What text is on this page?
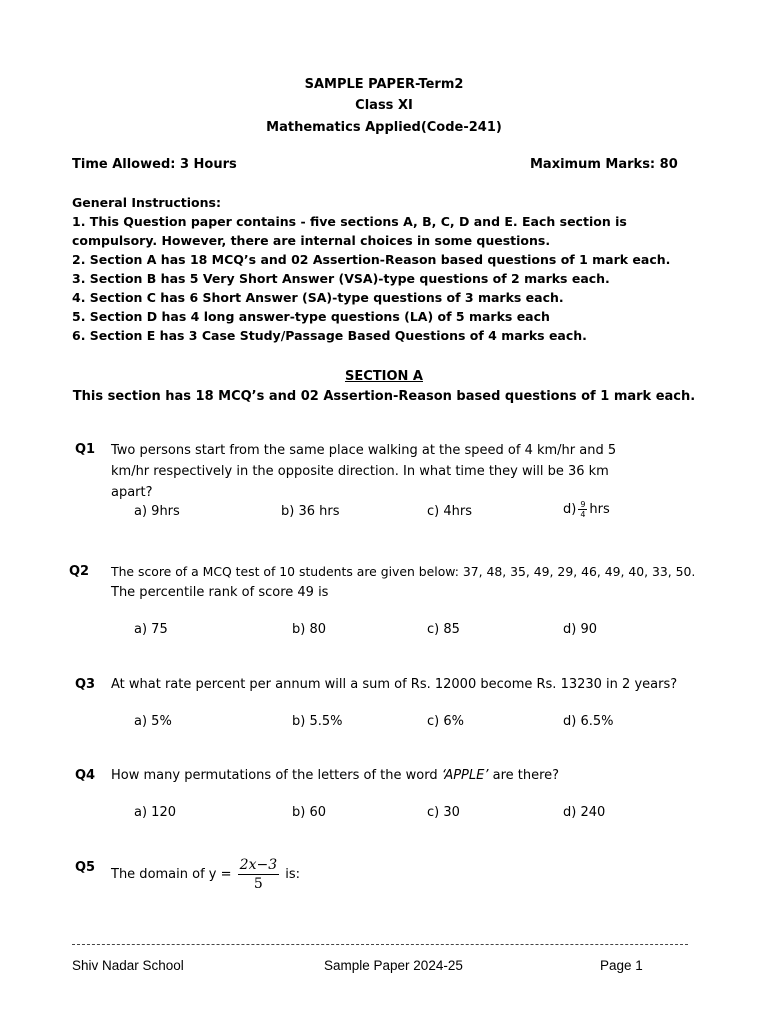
SAMPLE PAPER-Term2
Class XI
Mathematics Applied(Code-241)
Time Allowed: 3 Hours	Maximum Marks: 80
General Instructions:
1. This Question paper contains - five sections A, B, C, D and E. Each section is
compulsory. However, there are internal choices in some questions.
2. Section A has 18 MCQ’s and 02 Assertion-Reason based questions of 1 mark each.
3. Section B has 5 Very Short Answer (VSA)-type questions of 2 marks each.
4. Section C has 6 Short Answer (SA)-type questions of 3 marks each.
5. Section D has 4 long answer-type questions (LA) of 5 marks each
6. Section E has 3 Case Study/Passage Based Questions of 4 marks each.
SECTION A
This section has 18 MCQ’s and 02 Assertion-Reason based questions of 1 mark each.
Q1 Two persons start from the same place walking at the speed of 4 km/hr and 5 km/hr respectively in the opposite direction. In what time they will be 36 km apart?
a) 9hrs	b) 36 hrs	c) 4hrs	$d) \frac{9}{4}$ hrs
Q2 The score of a MCQ test of 10 students are given below: 37, 48, 35, 49, 29, 46, 49, 40, 33, 50.
The percentile rank of score 49 is
a) 75	b) 80	c) 85	d) 90
Q3 At what rate percent per annum will a sum of Rs. 12000 become Rs. 13230 in 2 years?
a) 5%	b) 5.5%	c) 6%	d) 6.5%
Q4 How many permutations of the letters of the word ‘APPLE’ are there?
a) 120	b) 60	c) 30	d) 240
Q5 The domain of $y = \frac{2x-3}{5}$ is:
Shiv Nadar School	Sample Paper 2024-25	Page 1
